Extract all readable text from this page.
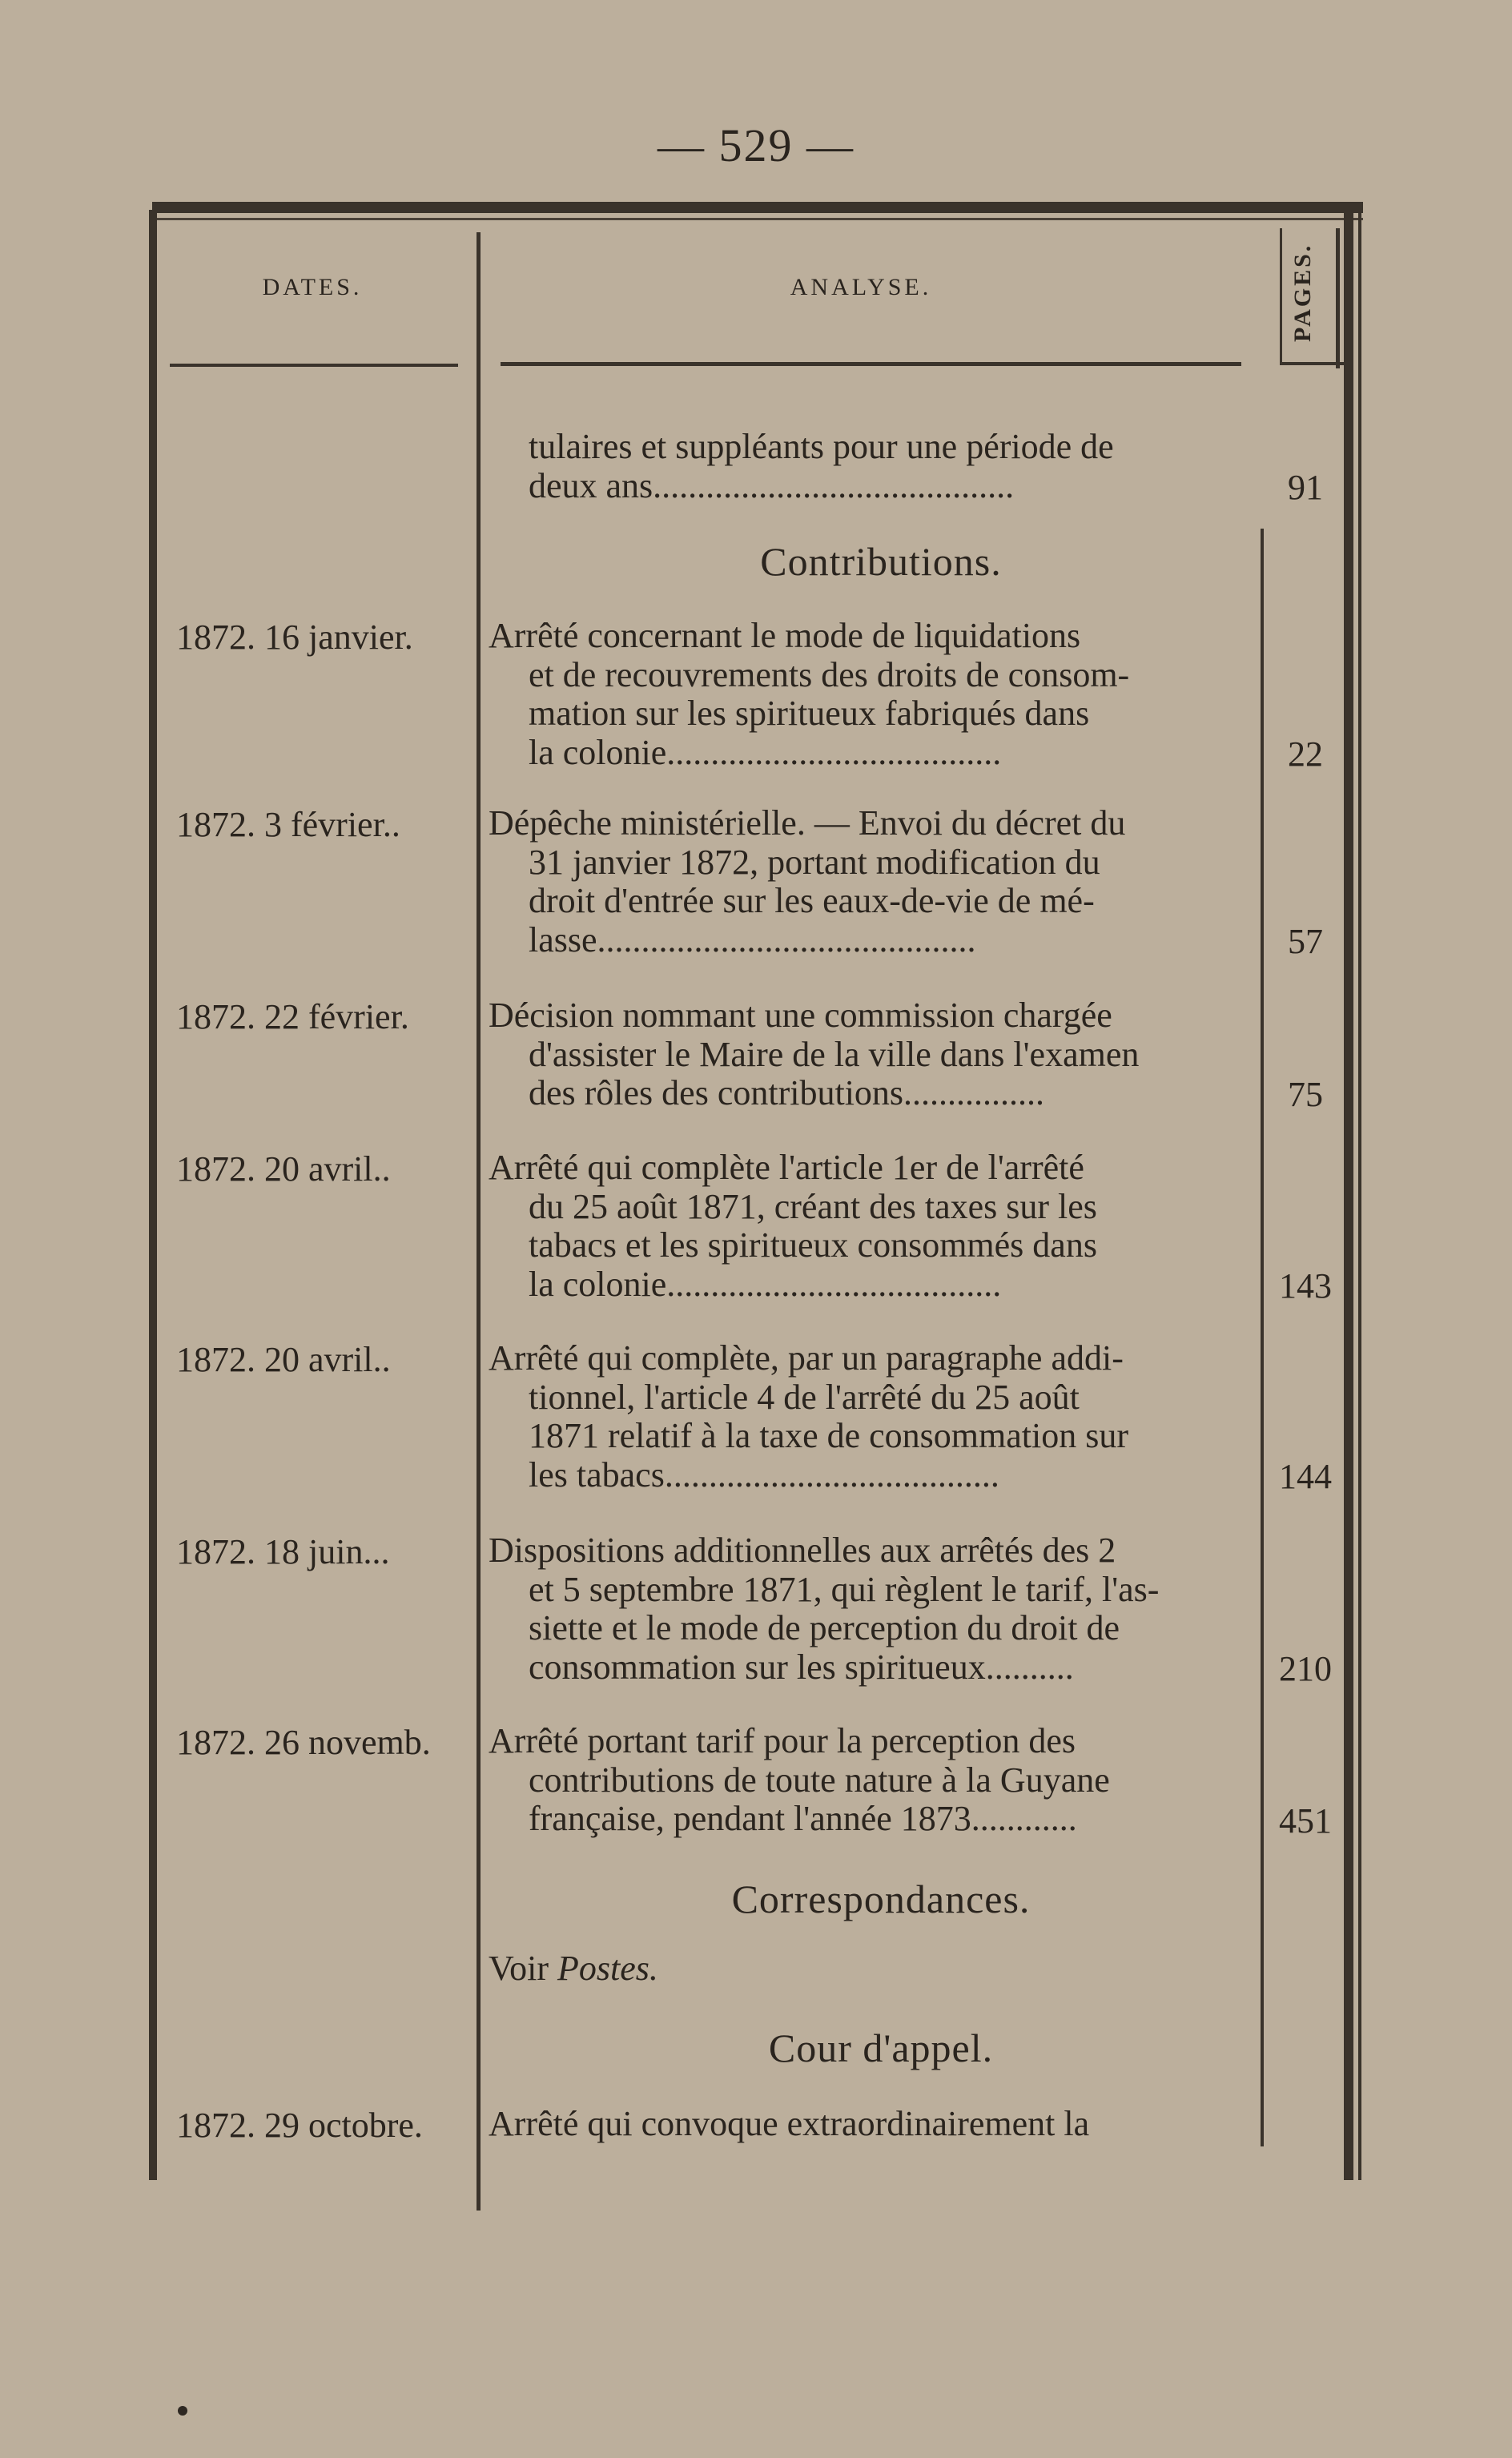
— 529 —
DATES.	ANALYSE.	PAGES.
tulaires et suppléants pour une période de
deux ans.........................................	91
Contributions.
1872. 16 janvier.	Arrêté concernant le mode de liquidations
et de recouvrements des droits de consom-
mation sur les spiritueux fabriqués dans
la colonie......................................	22
1872. 3 février..	Dépêche ministérielle. — Envoi du décret du
31 janvier 1872, portant modification du
droit d'entrée sur les eaux-de-vie de mé-
lasse...........................................	57
1872. 22 février.	Décision nommant une commission chargée
d'assister le Maire de la ville dans l'examen
des rôles des contributions................	75
1872. 20 avril..	Arrêté qui complète l'article 1er de l'arrêté
du 25 août 1871, créant des taxes sur les
tabacs et les spiritueux consommés dans
la colonie......................................	143
1872. 20 avril..	Arrêté qui complète, par un paragraphe addi-
tionnel, l'article 4 de l'arrêté du 25 août
1871 relatif à la taxe de consommation sur
les tabacs......................................	144
1872. 18 juin...	Dispositions additionnelles aux arrêtés des 2
et 5 septembre 1871, qui règlent le tarif, l'as-
siette et le mode de perception du droit de
consommation sur les spiritueux..........	210
1872. 26 novemb.	Arrêté portant tarif pour la perception des
contributions de toute nature à la Guyane
française, pendant l'année 1873............	451
Correspondances.
Voir Postes.
Cour d'appel.
1872. 29 octobre.	Arrêté qui convoque extraordinairement la
